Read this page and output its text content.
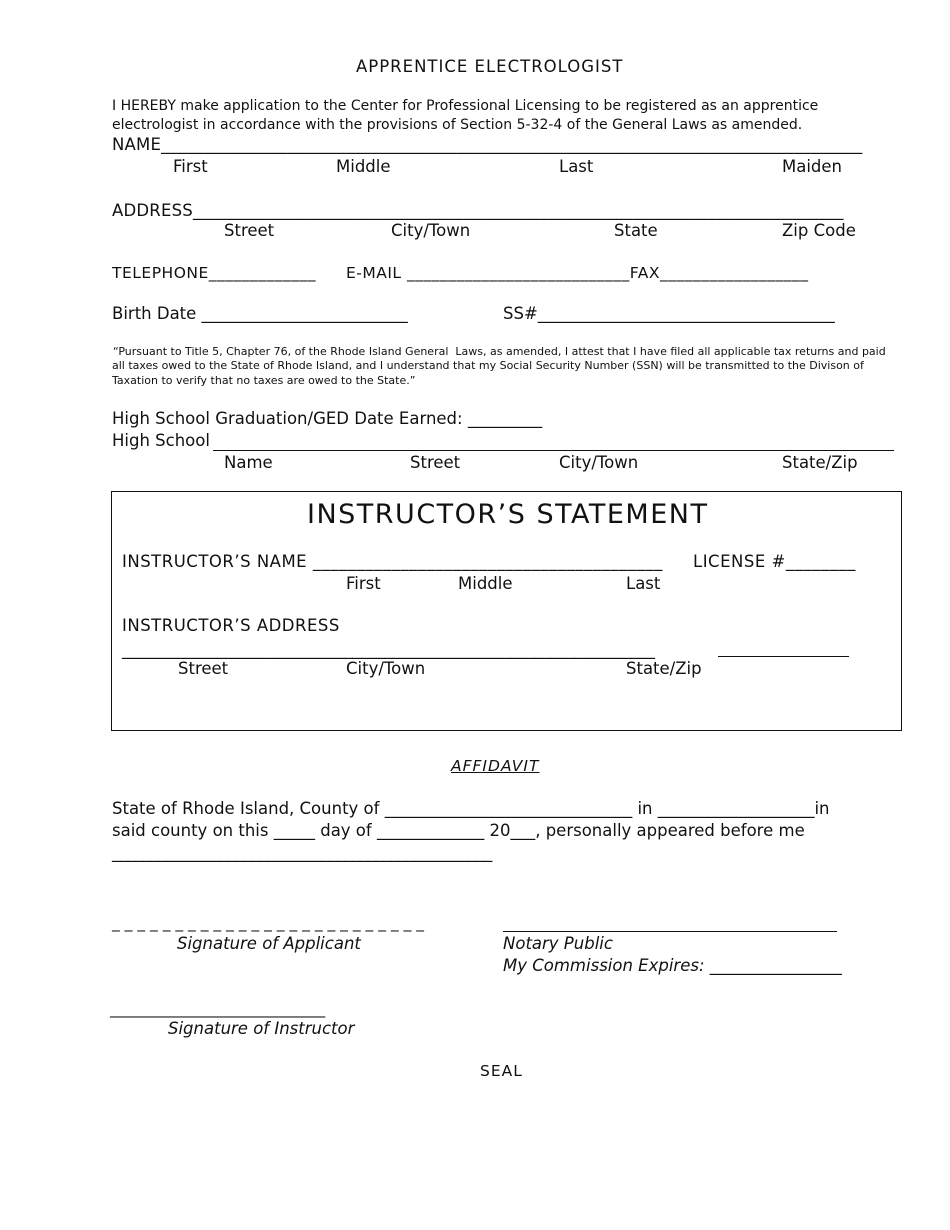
APPRENTICE ELECTROLOGIST
I HEREBY make application to the Center for Professional Licensing to be registered as an apprentice
electrologist in accordance with the provisions of Section 5-32-4 of the General Laws as amended.
NAME___________________________________________________________________________________
First	Middle	Last	Maiden
ADDRESS_____________________________________________________________________________
Street	City/Town	State	Zip Code
TELEPHONE_____________ E-MAIL ___________________________FAX__________________
Birth Date _________________________	SS#____________________________________
“Pursuant to Title 5, Chapter 76, of the Rhode Island General  Laws, as amended, I attest that I have filed all applicable tax returns and paid
all taxes owed to the State of Rhode Island, and I understand that my Social Security Number (SSN) will be transmitted to the Divison of
Taxation to verify that no taxes are owed to the State.”
High School Graduation/GED Date Earned: _________
High School
Name	Street	City/Town	State/Zip
INSTRUCTOR’S STATEMENT
INSTRUCTOR’S NAME ________________________________________ LICENSE #________
First	Middle	Last
INSTRUCTOR’S ADDRESS
___________________________________________________________________
Street	City/Town	State/Zip
AFFIDAVIT
State of Rhode Island, County of ______________________________ in ___________________in
said county on this _____ day of _____________ 20___, personally appeared before me
_________________________________________________
_ _ _ _ _ _ _ _ _ _ _ _ _ _ _ _ _ _ _ _ _ _ _ _ _
Signature of Applicant	Notary Public
My Commission Expires: ________________
______________________________
Signature of Instructor
SEAL
